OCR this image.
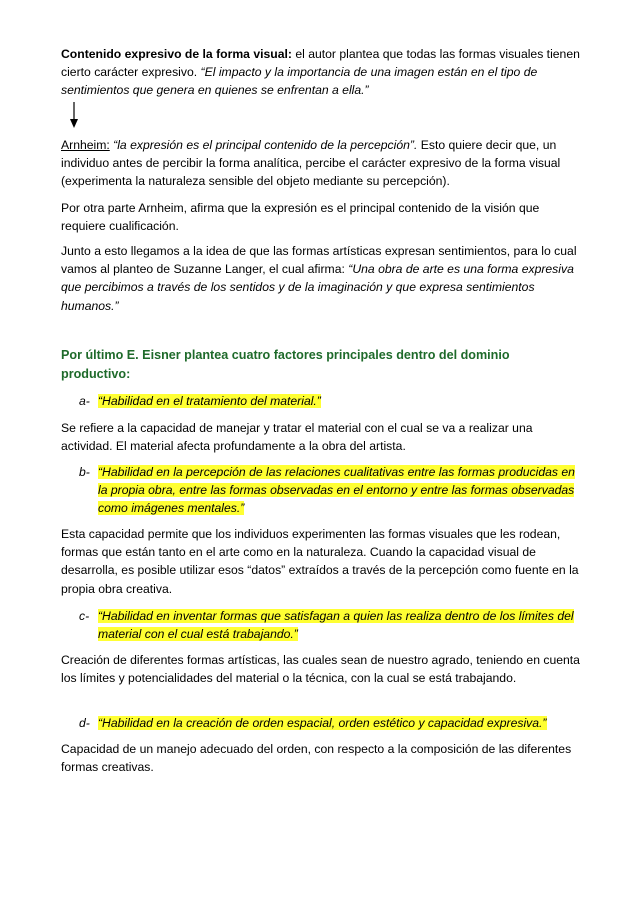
Contenido expresivo de la forma visual: el autor plantea que todas las formas visuales tienen cierto carácter expresivo. “El impacto y la importancia de una imagen están en el tipo de sentimientos que genera en quienes se enfrentan a ella.”

Arnheim: “la expresión es el principal contenido de la percepción”. Esto quiere decir que, un individuo antes de percibir la forma analítica, percibe el carácter expresivo de la forma visual (experimenta la naturaleza sensible del objeto mediante su percepción).

Por otra parte Arnheim, afirma que la expresión es el principal contenido de la visión que requiere cualificación.

Junto a esto llegamos a la idea de que las formas artísticas expresan sentimientos, para lo cual vamos al planteo de Suzanne Langer, el cual afirma: “Una obra de arte es una forma expresiva que percibimos a través de los sentidos y de la imaginación y que expresa sentimientos humanos.”

Por último E. Eisner plantea cuatro factores principales dentro del dominio productivo:

a- “Habilidad en el tratamiento del material.”

Se refiere a la capacidad de manejar y tratar el material con el cual se va a realizar una actividad. El material afecta profundamente a la obra del artista.

b- “Habilidad en la percepción de las relaciones cualitativas entre las formas producidas en la propia obra, entre las formas observadas en el entorno y entre las formas observadas como imágenes mentales.”

Esta capacidad permite que los individuos experimenten las formas visuales que les rodean, formas que están tanto en el arte como en la naturaleza. Cuando la capacidad visual de desarrolla, es posible utilizar esos “datos” extraídos a través de la percepción como fuente en la propia obra creativa.

c- “Habilidad en inventar formas que satisfagan a quien las realiza dentro de los límites del material con el cual está trabajando.”

Creación de diferentes formas artísticas, las cuales sean de nuestro agrado, teniendo en cuenta los límites y potencialidades del material o la técnica, con la cual se está trabajando.

d- “Habilidad en la creación de orden espacial, orden estético y capacidad expresiva.”

Capacidad de un manejo adecuado del orden, con respecto a la composición de las diferentes formas creativas.
